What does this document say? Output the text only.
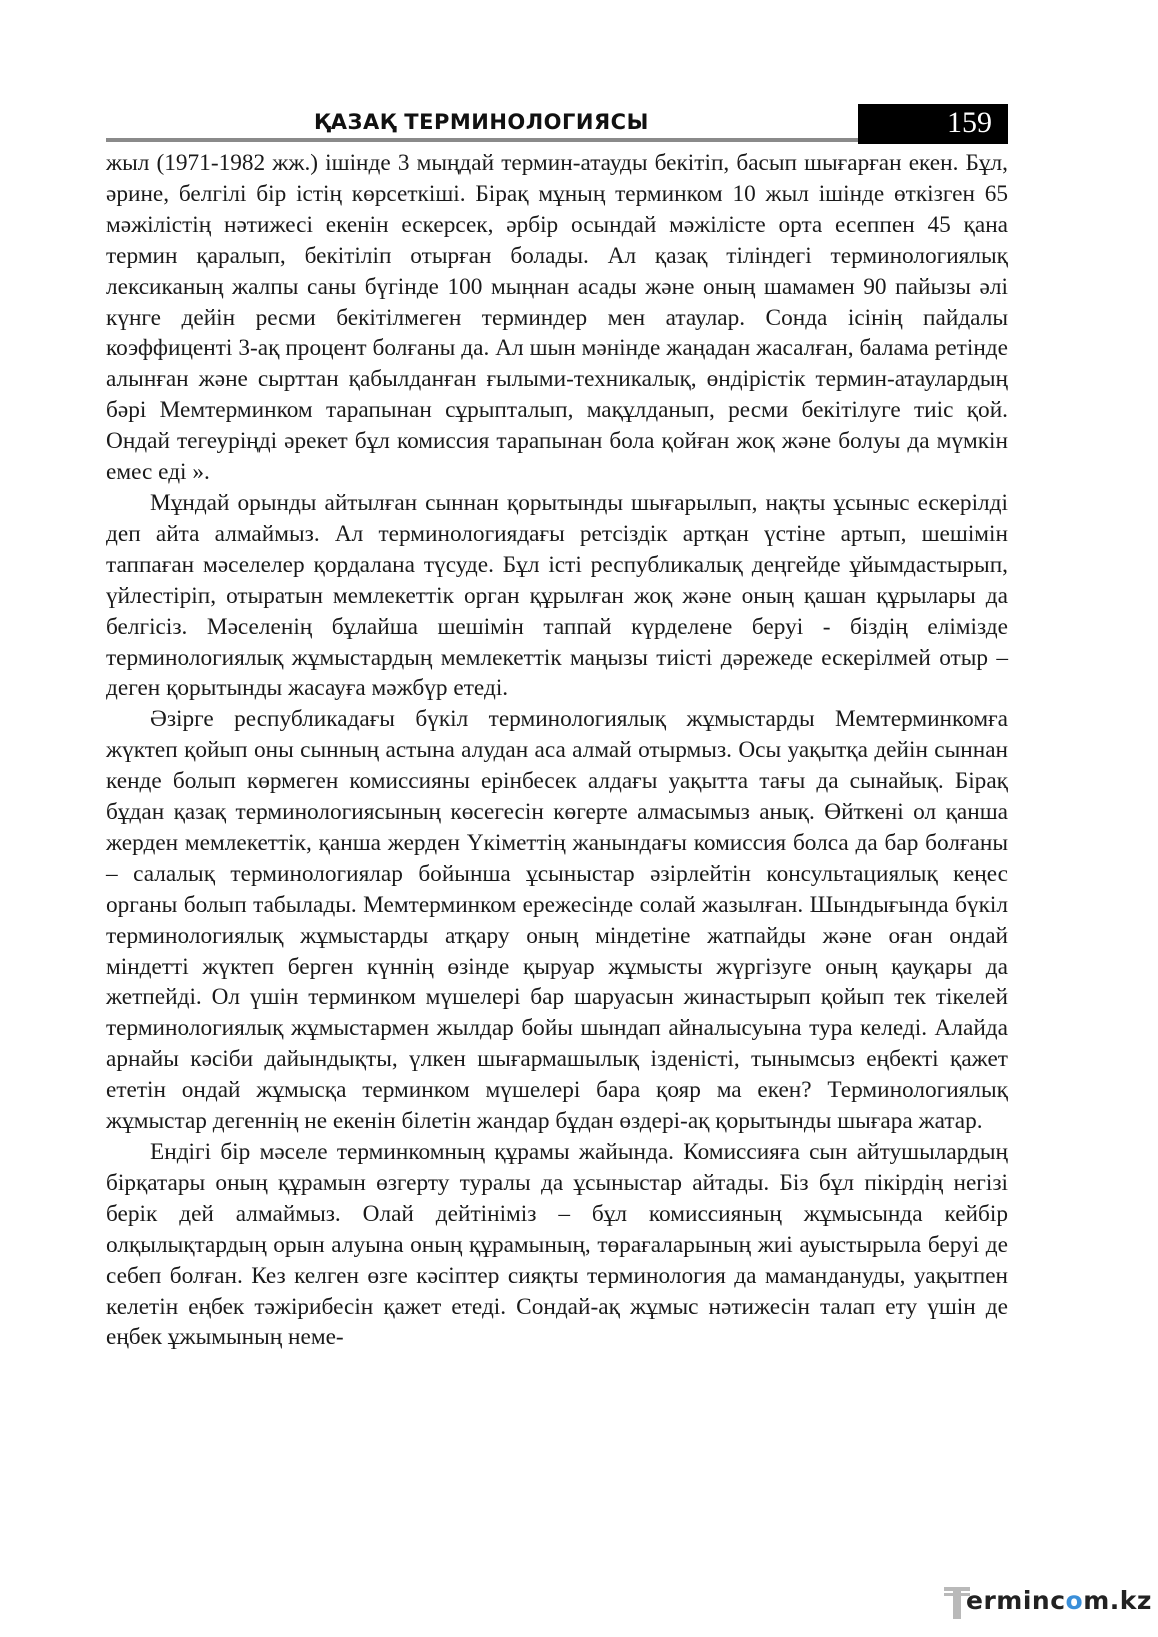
ҚАЗАҚ ТЕРМИНОЛОГИЯСЫ	159

жыл (1971-1982 жж.) ішінде 3 мыңдай термин-атауды бекітіп, басып шығарған екен. Бұл, әрине, белгілі бір істің көрсеткіші. Бірақ мұның терминком 10 жыл ішінде өткізген 65 мәжілістің нәтижесі екенін ескерсек, әрбір осындай мәжілісте орта есеппен 45 қана термин қаралып, бекітіліп отырған болады. Ал қазақ тіліндегі терминологиялық лексиканың жалпы саны бүгінде 100 мыңнан асады және оның шамамен 90 пайызы әлі күнге дейін ресми бекітілмеген терминдер мен атаулар. Сонда ісінің пайдалы коэффиценті 3-ақ процент болғаны да. Ал шын мәнінде жаңадан жасалған, балама ретінде алынған және сырттан қабылданған ғылыми-техникалық, өндірістік термин-атаулардың бәрі Мемтерминком тарапынан сұрыпталып, мақұлданып, ресми бекітілуге тиіс қой. Ондай тегеуріңді әрекет бұл комиссия тарапынан бола қойған жоқ және болуы да мүмкін емес еді ».

Мұндай орынды айтылған сыннан қорытынды шығарылып, нақты ұсыныс ескерілді деп айта алмаймыз. Ал терминологиядағы ретсіздік артқан үстіне артып, шешімін таппаған мәселелер қордалана түсуде. Бұл істі республикалық деңгейде ұйымдастырып, үйлестіріп, отыратын мемлекеттік орган құрылған жоқ және оның қашан құрылары да белгісіз. Мәселенің бұлайша шешімін таппай күрделене беруі - біздің елімізде терминологиялық жұмыстардың мемлекеттік маңызы тиісті дәрежеде ескерілмей отыр – деген қорытынды жасауға мәжбүр етеді.

Әзірге республикадағы бүкіл терминологиялық жұмыстарды Мемтерминкомға жүктеп қойып оны сынның астына алудан аса алмай отырмыз. Осы уақытқа дейін сыннан кенде болып көрмеген комиссияны ерінбесек алдағы уақытта тағы да сынайық. Бірақ бұдан қазақ терминологиясының көсегесін көгерте алмасымыз анық. Өйткені ол қанша жерден мемлекеттік, қанша жерден Үкіметтің жанындағы комиссия болса да бар болғаны – салалық терминологиялар бойынша ұсыныстар әзірлейтін консультациялық кеңес органы болып табылады. Мемтерминком ережесінде солай жазылған. Шындығында бүкіл терминологиялық жұмыстарды атқару оның міндетіне жатпайды және оған ондай міндетті жүктеп берген күннің өзінде қыруар жұмысты жүргізуге оның қауқары да жетпейді. Ол үшін терминком мүшелері бар шаруасын жинастырып қойып тек тікелей терминологиялық жұмыстармен жылдар бойы шындап айналысуына тура келеді. Алайда арнайы кәсіби дайындықты, үлкен шығармашылық ізденісті, тынымсыз еңбекті қажет ететін ондай жұмысқа терминком мүшелері бара қояр ма екен? Терминологиялық жұмыстар дегеннің не екенін білетін жандар бұдан өздері-ақ қорытынды шығара жатар.

Ендігі бір мәселе терминкомның құрамы жайында. Комиссияға сын айтушылардың бірқатары оның құрамын өзгерту туралы да ұсыныстар айтады. Біз бұл пікірдің негізі берік дей алмаймыз. Олай дейтініміз – бұл комиссияның жұмысында кейбір олқылықтардың орын алуына оның құрамының, төрағаларының жиі ауыстырыла беруі де себеп болған. Кез келген өзге кәсіптер сияқты терминология да мамандануды, уақытпен келетін еңбек тәжірибесін қажет етеді. Сондай-ақ жұмыс нәтижесін талап ету үшін де еңбек ұжымының неме-

ermincom.kz
